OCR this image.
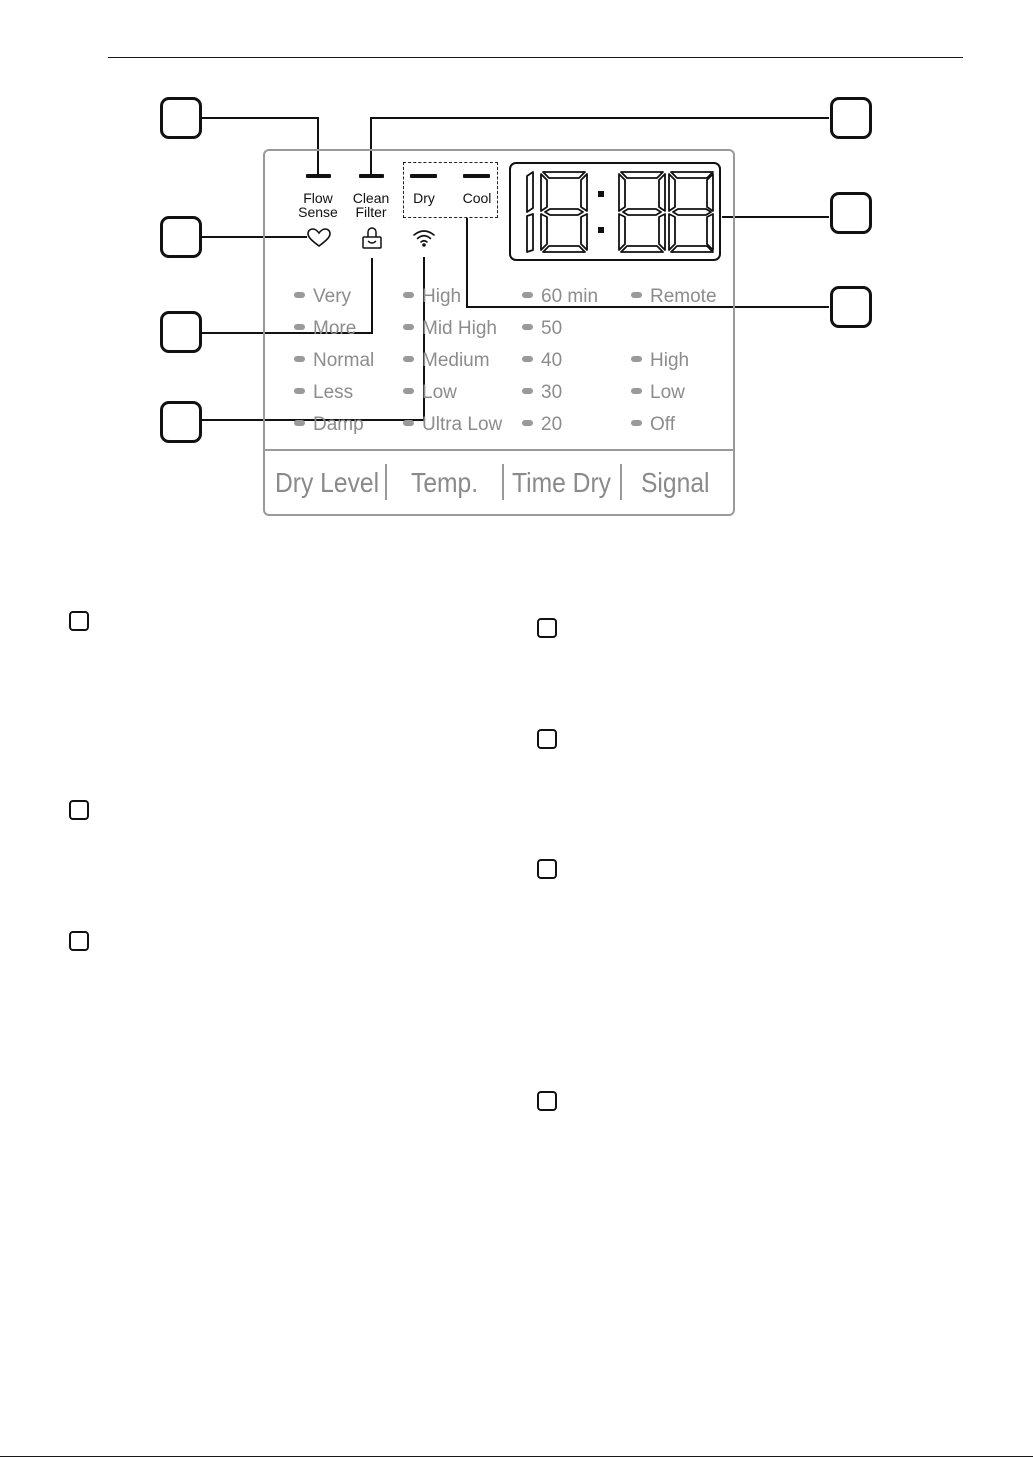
Flow
Sense
Clean
Filter
Dry	Cool
Very
More
Normal
Less
Damp
High
Mid High
Medium
Low
Ultra Low
60 min
50
40
30
20
Remote
High
Low
Off
Dry Level Temp. Time Dry Signal
